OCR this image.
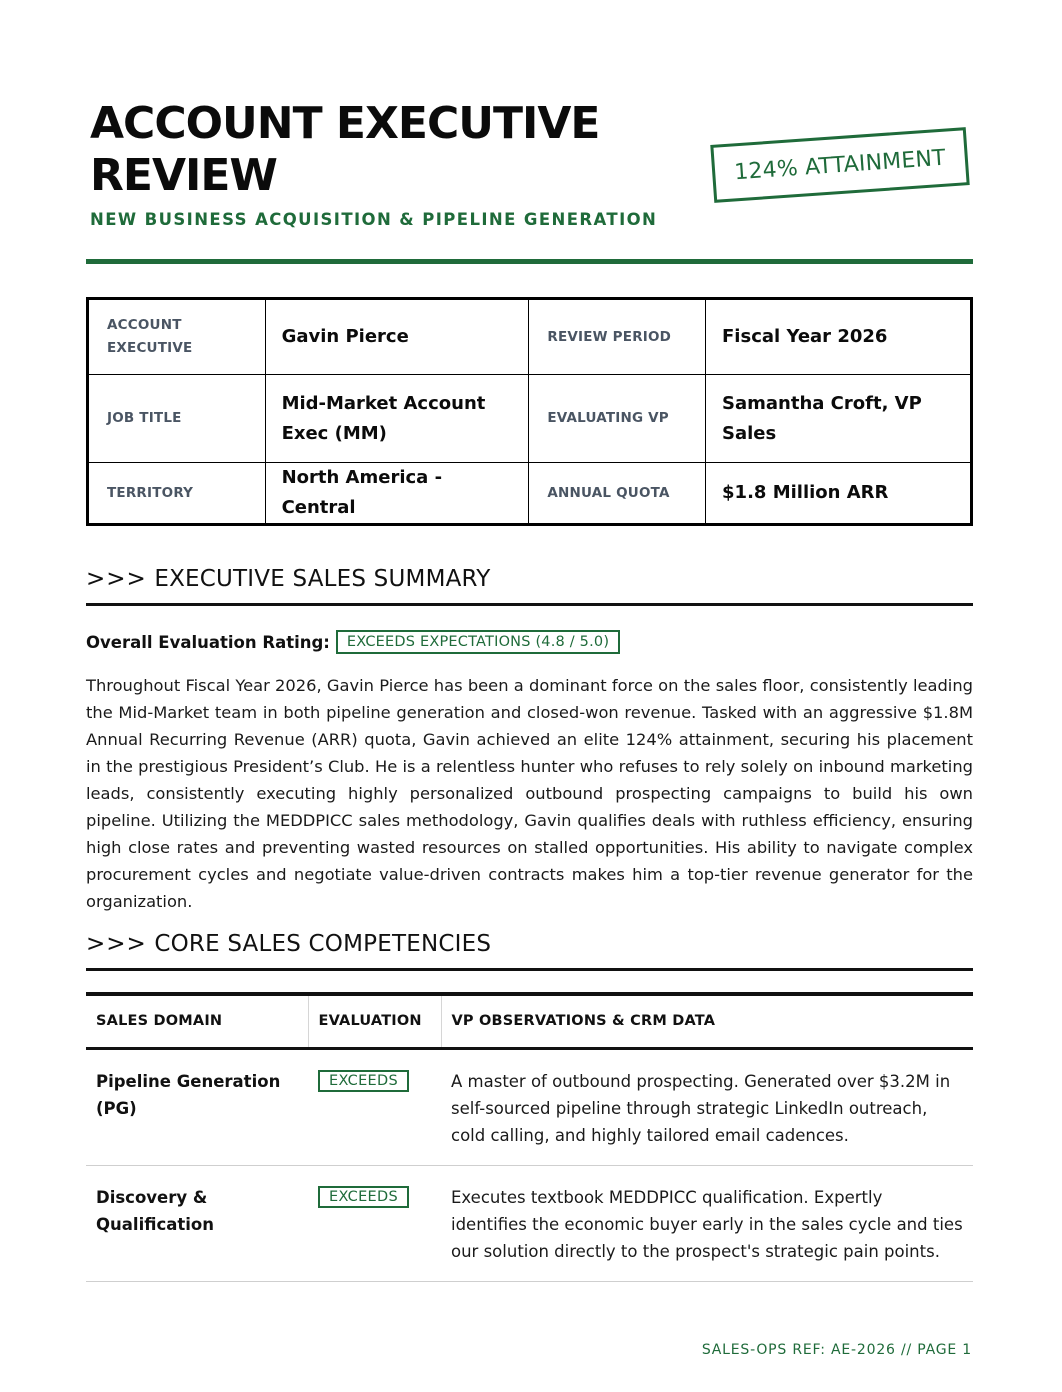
ACCOUNT EXECUTIVE REVIEW
NEW BUSINESS ACQUISITION & PIPELINE GENERATION
124% ATTAINMENT
ACCOUNT EXECUTIVE	Gavin Pierce	REVIEW PERIOD	Fiscal Year 2026
JOB TITLE	Mid-Market Account Exec (MM)	EVALUATING VP	Samantha Croft, VP Sales
TERRITORY	North America - Central	ANNUAL QUOTA	$1.8 Million ARR
>>> EXECUTIVE SALES SUMMARY
Overall Evaluation Rating:	EXCEEDS EXPECTATIONS (4.8 / 5.0)

Throughout Fiscal Year 2026, Gavin Pierce has been a dominant force on the sales floor, consistently leading the Mid-Market team in both pipeline generation and closed-won revenue. Tasked with an aggressive $1.8M Annual Recurring Revenue (ARR) quota, Gavin achieved an elite 124% attainment, securing his placement in the prestigious President’s Club. He is a relentless hunter who refuses to rely solely on inbound marketing leads, consistently executing highly personalized outbound prospecting campaigns to build his own pipeline. Utilizing the MEDDPICC sales methodology, Gavin qualifies deals with ruthless efficiency, ensuring high close rates and preventing wasted resources on stalled opportunities. His ability to navigate complex procurement cycles and negotiate value-driven contracts makes him a top-tier revenue generator for the organization.

>>> CORE SALES COMPETENCIES
SALES DOMAIN	EVALUATION	VP OBSERVATIONS & CRM DATA
Pipeline Generation (PG)	EXCEEDS	A master of outbound prospecting. Generated over $3.2M in self-sourced pipeline through strategic LinkedIn outreach, cold calling, and highly tailored email cadences.
Discovery & Qualification	EXCEEDS	Executes textbook MEDDPICC qualification. Expertly identifies the economic buyer early in the sales cycle and ties our solution directly to the prospect's strategic pain points.
SALES-OPS REF: AE-2026 // PAGE 1
